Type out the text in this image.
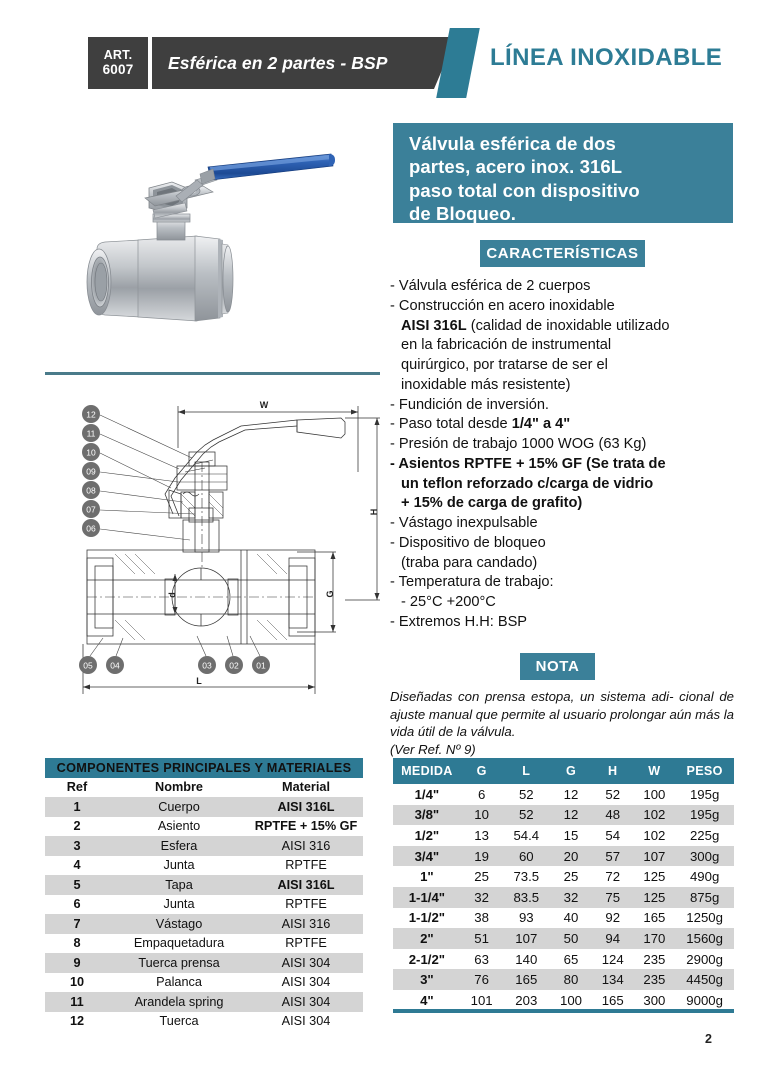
ART.
6007 Esférica en 2 partes - BSP	LÍNEA INOXIDABLE
W
H
G
d
L
12
11
10
09
08
07
06
05 04	03 02 01
Válvula esférica de dos
partes, acero inox. 316L
paso total con dispositivo
de Bloqueo.
CARACTERÍSTICAS
- Válvula esférica de 2 cuerpos
- Construcción en acero inoxidable
AISI 316L (calidad de inoxidable utilizado
en la fabricación de instrumental
quirúrgico, por tratarse de ser el
inoxidable más resistente)
- Fundición de inversión.
- Paso total desde 1/4" a 4"
- Presión de trabajo 1000 WOG (63 Kg)
- Asientos RPTFE + 15% GF (Se trata de
un teflon reforzado c/carga de vidrio
+ 15% de carga de grafito)
- Vástago inexpulsable
- Dispositivo de bloqueo
(traba para candado)
- Temperatura de trabajo:
- 25°C +200°C
- Extremos H.H: BSP
NOTA
Diseñadas con prensa estopa, un sistema adi- cional de ajuste manual que permite al usuario prolongar aún más la vida útil de la válvula.
(Ver Ref. Nº 9)
COMPONENTES PRINCIPALES Y MATERIALES		
Ref	Nombre	Material
1	Cuerpo	AISI 316L
2	Asiento	RPTFE + 15% GF
3	Esfera	AISI 316
4	Junta	RPTFE
5	Tapa	AISI 316L
6	Junta	RPTFE
7	Vástago	AISI 316
8	Empaquetadura	RPTFE
9	Tuerca prensa	AISI 304
10	Palanca	AISI 304
11	Arandela spring	AISI 304
12	Tuerca	AISI 304
MEDIDA	G	L	G	H	W	PESO
1/4"	6	52	12	52	100	195g
3/8"	10	52	12	48	102	195g
1/2"	13	54.4	15	54	102	225g
3/4"	19	60	20	57	107	300g
1"	25	73.5	25	72	125	490g
1-1/4"	32	83.5	32	75	125	875g
1-1/2"	38	93	40	92	165	1250g
2"	51	107	50	94	170	1560g
2-1/2"	63	140	65	124	235	2900g
3"	76	165	80	134	235	4450g
4"	101	203	100	165	300	9000g
2
